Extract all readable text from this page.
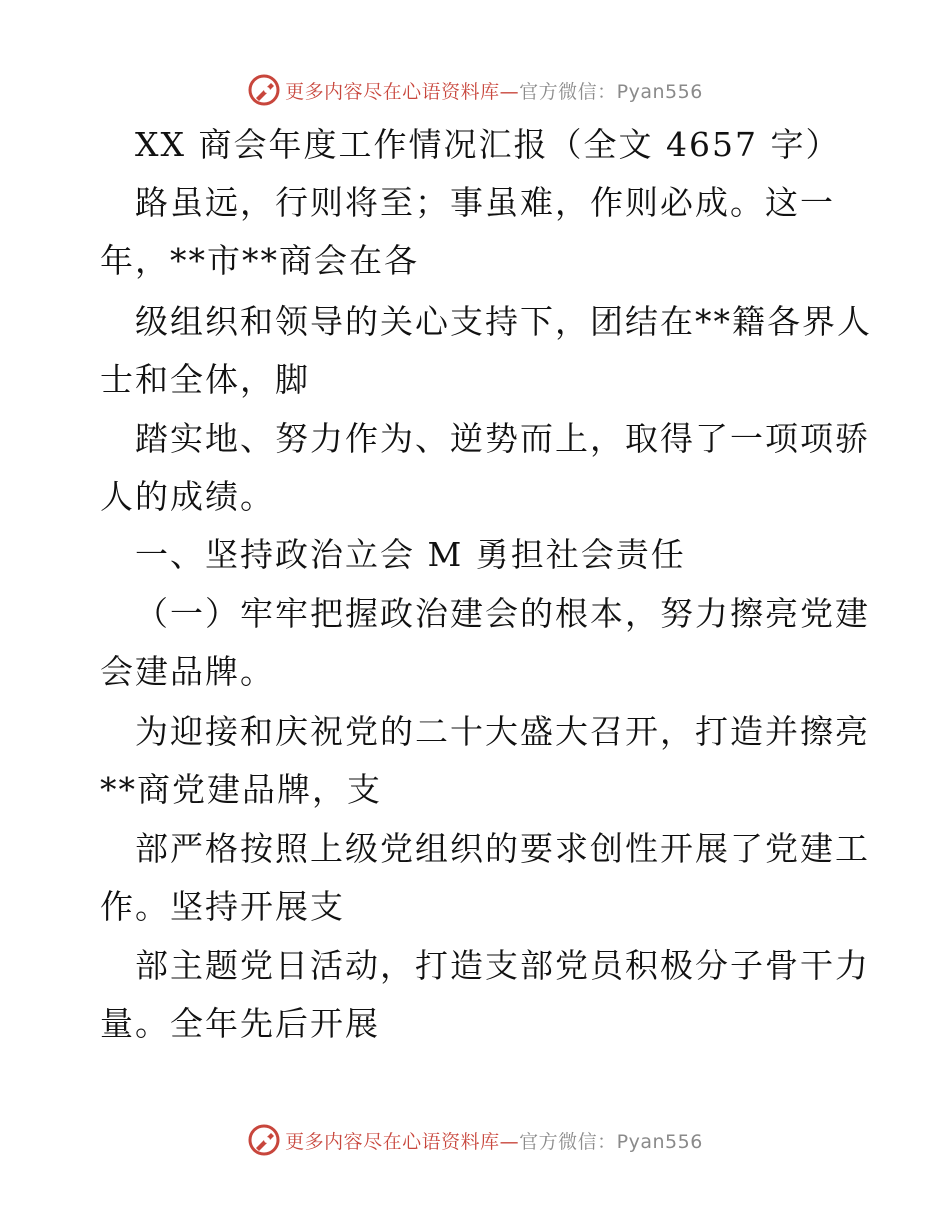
更多内容尽在心语资料库—官方微信：Pyan556
XX 商会年度工作情况汇报（全文 4657 字）
路虽远，行则将至；事虽难，作则必成。这一
年，**市**商会在各
级组织和领导的关心支持下，团结在**籍各界人
士和全体，脚
踏实地、努力作为、逆势而上，取得了一项项骄
人的成绩。
一、坚持政治立会 M 勇担社会责任
（一）牢牢把握政治建会的根本，努力擦亮党建
会建品牌。
为迎接和庆祝党的二十大盛大召开，打造并擦亮
**商党建品牌，支
部严格按照上级党组织的要求创性开展了党建工
作。坚持开展支
部主题党日活动，打造支部党员积极分子骨干力
量。全年先后开展
更多内容尽在心语资料库—官方微信：Pyan556
